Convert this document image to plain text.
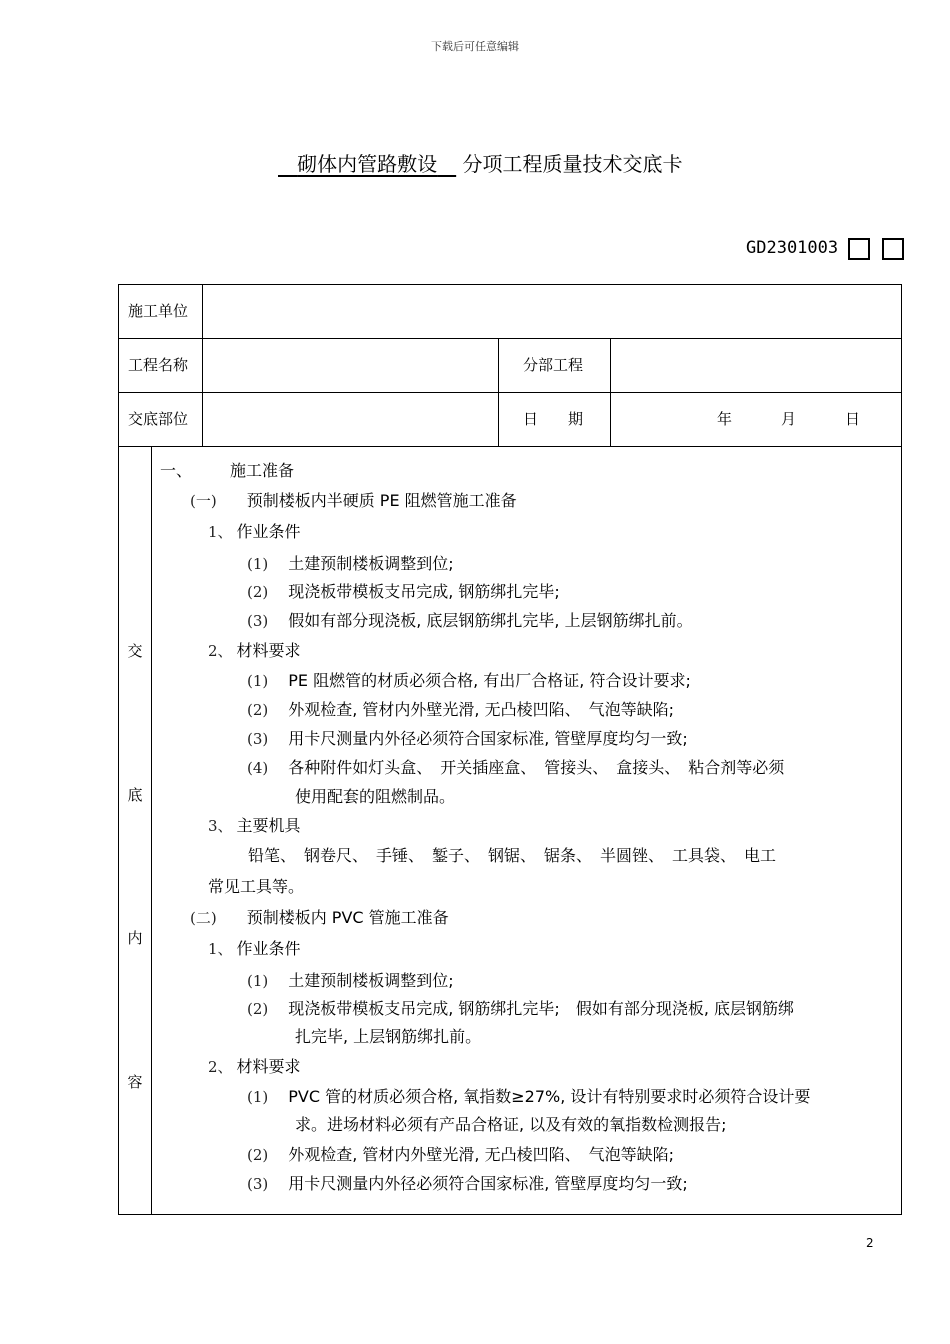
下载后可任意编辑
砌体内管路敷设 分项工程质量技术交底卡
GD2301003
施工单位
工程名称	分部工程
交底部位	日　　期	年	月	日
交
底
内
容
一、 施工准备
(一) 预制楼板内半硬质 PE 阻燃管施工准备
1、 作业条件
(1) 土建预制楼板调整到位;
(2) 现浇板带模板支吊完成, 钢筋绑扎完毕;
(3) 假如有部分现浇板, 底层钢筋绑扎完毕, 上层钢筋绑扎前。
2、 材料要求
(1) PE 阻燃管的材质必须合格, 有出厂合格证, 符合设计要求;
(2) 外观检查, 管材内外壁光滑, 无凸棱凹陷、　气泡等缺陷;
(3) 用卡尺测量内外径必须符合国家标准, 管壁厚度均匀一致;
(4) 各种附件如灯头盒、　开关插座盒、　管接头、　盒接头、　粘合剂等必须
使用配套的阻燃制品。
3、 主要机具
铅笔、　钢卷尺、　手锤、　錾子、　钢锯、　锯条、　半圆锉、　工具袋、　电工
常见工具等。
(二) 预制楼板内 PVC 管施工准备
1、 作业条件
(1) 土建预制楼板调整到位;
(2) 现浇板带模板支吊完成, 钢筋绑扎完毕;　假如有部分现浇板, 底层钢筋绑
扎完毕, 上层钢筋绑扎前。
2、 材料要求
(1) PVC 管的材质必须合格, 氧指数≥27%, 设计有特别要求时必须符合设计要
求。进场材料必须有产品合格证, 以及有效的氧指数检测报告;
(2) 外观检查, 管材内外壁光滑, 无凸棱凹陷、　气泡等缺陷;
(3) 用卡尺测量内外径必须符合国家标准, 管壁厚度均匀一致;
2
